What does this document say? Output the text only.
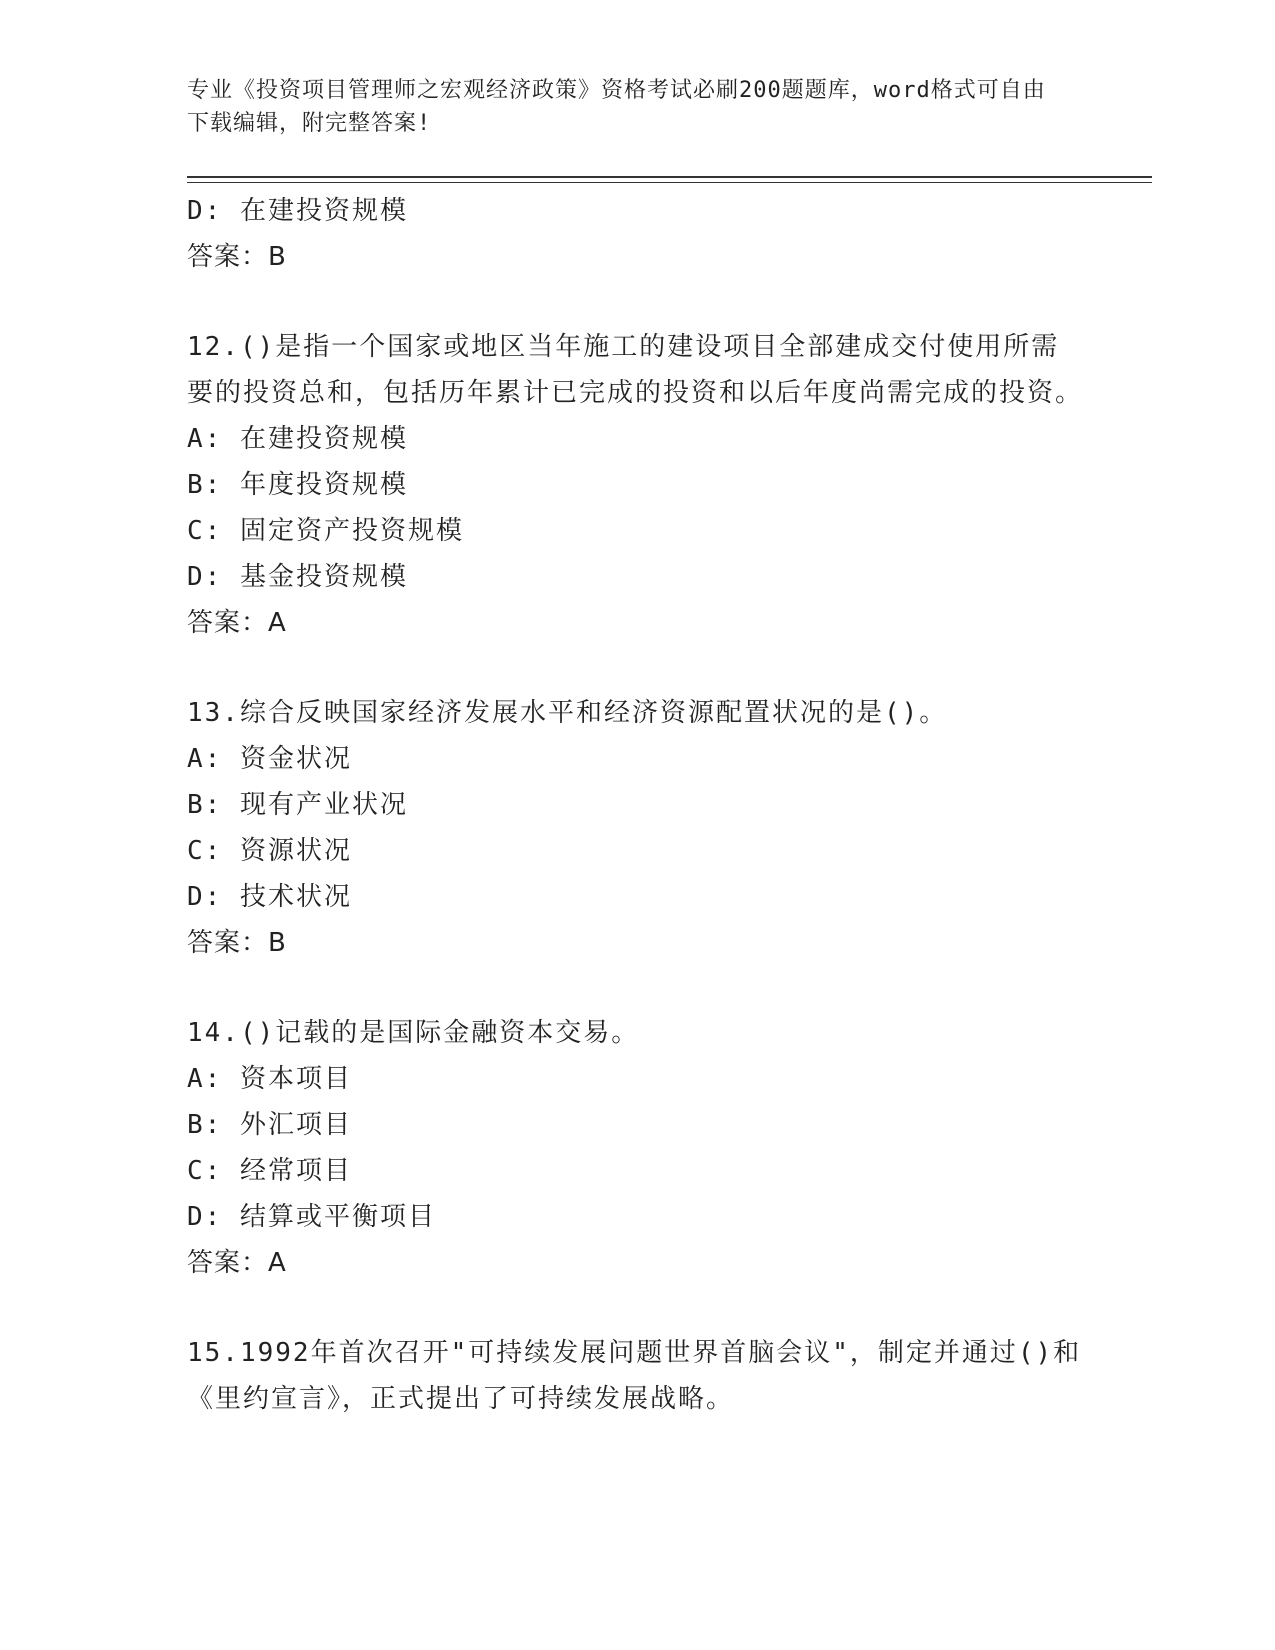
专业《投资项目管理师之宏观经济政策》资格考试必刷200题题库，word格式可自由下载编辑，附完整答案!
D: 在建投资规模
答案：B
12.()是指一个国家或地区当年施工的建设项目全部建成交付使用所需要的投资总和，包括历年累计已完成的投资和以后年度尚需完成的投资。
A: 在建投资规模
B: 年度投资规模
C: 固定资产投资规模
D: 基金投资规模
答案：A
13.综合反映国家经济发展水平和经济资源配置状况的是()。
A: 资金状况
B: 现有产业状况
C: 资源状况
D: 技术状况
答案：B
14.()记载的是国际金融资本交易。
A: 资本项目
B: 外汇项目
C: 经常项目
D: 结算或平衡项目
答案：A
15.1992年首次召开"可持续发展问题世界首脑会议"，制定并通过()和《里约宣言》，正式提出了可持续发展战略。
